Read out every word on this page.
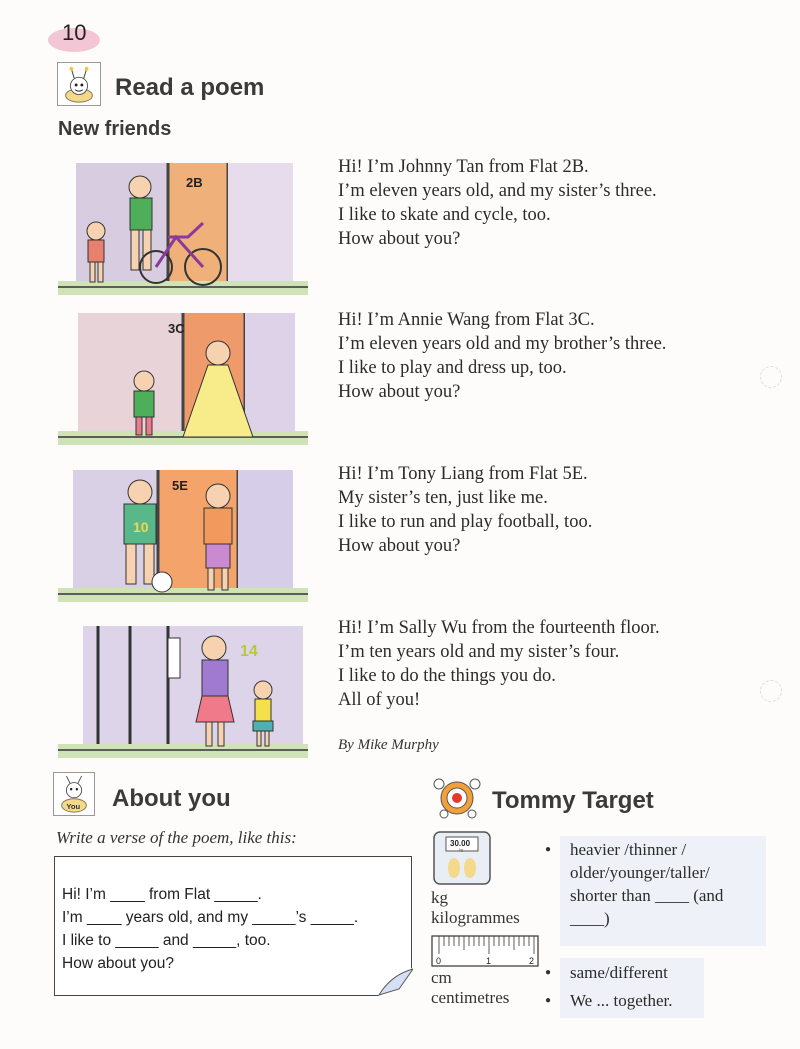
10
Read a poem
New friends
2B
Hi! I’m Johnny Tan from Flat 2B.
I’m eleven years old, and my sister’s three.
I like to skate and cycle, too.
How about you?
3C	Hi! I’m Annie Wang from Flat 3C.
I’m eleven years old and my brother’s three.
I like to play and dress up, too.
How about you?
5E
10
Hi! I’m Tony Liang from Flat 5E.
My sister’s ten, just like me.
I like to run and play football, too.
How about you?
14
Hi! I’m Sally Wu from the fourteenth floor.
I’m ten years old and my sister’s four.
I like to do the things you do.
All of you!
By Mike Murphy
You About you
Write a verse of the poem, like this:
Hi! I’m ____ from Flat _____.
I’m ____ years old, and my _____’s _____.
I like to _____ and _____, too.
How about you?
Tommy Target
30.00
kg
kg
kilogrammes
0	1	2
cm
centimetres
● heavier /thinner /
older/younger/taller/
shorter than ____ (and
____)
● same/different
● We ... together.
